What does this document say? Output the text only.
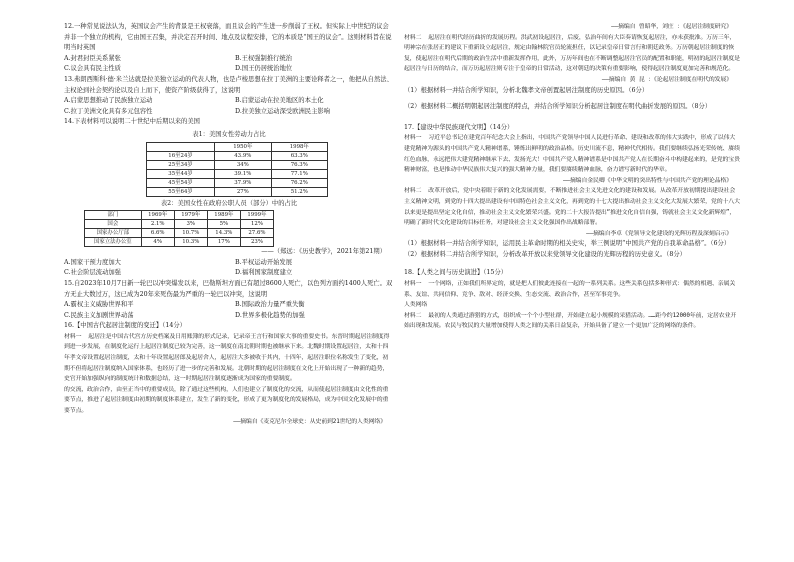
12.一种常见说法认为，英国议会产生的背景是王权衰落，而且议会的产生进一步削弱了王权。但实际上中世纪的议会并非一个独立的机构，它由国王召集，并决定召开时间、地点及议程安排，它的本质是“国王的议会”。这则材料旨在说明当时英国

A.封君封臣关系紧张	B.王权强制推行统治

C.议会具有民主性质	D.国王仍居统治地位

13.弗朗西斯科·德·米兰达就是拉美独立运动的代表人物，也是卢梭思想在拉丁美洲的主要诠释者之一，他把从自然法、主权论到社会契约论以及自上而下，使资产阶级获得了，这说明

A.启蒙思想推动了民族独立运动	B.启蒙运动在拉美地区的本土化

C.拉丁美洲文化具有多元包容性	D.拉美独立运动深受欧洲民主影响

14.下表材料可以说明二十世纪中后期以来的美国

表1：美国女性劳动力占比

	1950年	1998年
16至24岁	43.9%	63.3%
25至34岁	34%	76.3%
35至44岁	39.1%	77.1%
45至54岁	37.9%	76.2%
55至64岁	27%	51.2%

表2：美国女性在政府公职人员（部分）中的占比

部门	1969年	1979年	1989年	1999年
国会	2.1%	3%	5%	12%
国家办公厅部	6.6%	10.7%	14.3%	27.6%
国家立法办公室	4%	10.3%	17%	23%

——（郑远：《历史教学》，2021年第21期）

A.国家干预力度加大	B.平权运动开始发展

C.社会阶层流动加强	D.福利国家制度建立

15.自2023年10月7日新一轮巴以冲突爆发以来，巴勒斯坦方面已有超过8600人死亡，以色列方面约1400人死亡。双方无止大数过万，这已成为20年来死伤最为严重的一轮巴以冲突，这说明

A.霸权主义威胁世界和平	B.国际政治力量严重失衡

C.民族主义加剧世界动荡	D.世界多极化趋势的加强

16.【中国古代起居注制度的变迁】（14分）

材料一 起居注是中国古代宫方历史档案及日用账簿的形式记录，记录帝王言行和国家大事的重要史书。东晋时期起居注制度得到进一步发展，在制度化运行上起居注制度已较为完善，这一制度在南北朝时期也被继承下来。北魏时期设置起居注，太和十四年孝文帝设置起居注制度，太和十年设置起居郎及起居舍人，起居注大多被收于其内，十四年，起居注职位名称发生了变化，初期不但将起居注制度纳入国家体系，也经历了进一步的完善和发展。北朝时期的起居注制度在文化上开始出现了一种新的趋势，史官开始加强纵向的制度统计和数据总结，这一时期起居注制度逐渐成为国家的重要制度。

的交流，政治合作，由至正当中的重要成员，除了通过这些机构，人们也建立了制度化的交流，从而使起居注制度由文化性的重要节点，推进了起居注制度由初期的制度体系建立，发生了新的变化，形成了更为制度化的发展格局，成为中国文化发展中的重要节点。

——摘编自《麦克尼尔全球史：从史前到21世纪的人类网络》

——摘编自 曾昭华，刘庄 ：《起居注制度研究》

材料二 起居注在明代经历曲折的发展历程。洪武初设起居注，后废，弘治年间有大臣奏请恢复起居注，亦未获批准。万历三年，明神宗在张居正的建议下重新设立起居注，规定由翰林院官员轮流担任，以记录皇帝日常言行和朝廷政务。万历朝起居注制度的恢复，使起居注在明代后期的政治生活中重新发挥作用，此外，万历年间也在不断调整起居注官员的配置和职能，明初的起居注制度是起居注与日历的结合，而万历起居注则专注于皇帝的日常活动，这对朝廷的决策有重要影响，使得起居注制度更加完善和规范化。

——摘编自 黄 昆 ：《论起居注制度在明代的发展》

（1）根据材料一并结合所学知识，分析北魏孝文帝创置起居注制度的历史原因。（6分）

（2）根据材料二概括明朝起居注制度的特点，并结合所学知识分析起居注制度在明代曲折发展的原因。（8分）

17.【建设中华民族现代文明】（14分）

材料一 习近平总书记在建党百年纪念大会上指出，中国共产党领导中国人民进行革命、建设和改革的伟大实践中，形成了以伟大建党精神为源头的中国共产党人精神谱系，锤炼出鲜明的政治品格。历史川流不息，精神代代相传。我们要继续弘扬光荣传统、赓续红色血脉，永远把伟大建党精神继承下去、发扬光大！中国共产党人精神谱系是中国共产党人在长期奋斗中构建起来的，是党的宝贵精神财富，也是推动中华民族伟大复兴的强大精神力量，我们要赓续精神血脉，奋力谱写新时代的华章。

——摘编自金民卿《中华文明的突出特性与中国共产党的理论品格》

材料二 改革开放后，党中央着眼于新的文化发展需要，不断推进社会主义先进文化的建设和发展。从改革开放初期提出建设社会主义精神文明，到党的十四大提出建设有中国特色社会主义文化，再到党的十七大提出推动社会主义文化大发展大繁荣，党的十八大以来更是提出坚定文化自信，推动社会主义文化繁荣兴盛。党的二十大报告提出“推进文化自信自强，铸就社会主义文化新辉煌”，明确了新时代文化建设的目标任务，对建设社会主义文化强国作出战略部署。

——摘编自李卓《党领导文化建设的光辉历程及深刻启示》

（1）根据材料一并结合所学知识，运用民主革命时期的相关史实，举三例说明“中国共产党的自我革命品格”。（6分）

（2）根据材料二并结合所学知识，分析改革开放以来党领导文化建设的光辉历程的历史意义。（8分）

18.【人类之间与历史演进】（15分）

材料一 一个网络，正如我们所界定的，就是把人们彼此连接在一起的一系列关系。这些关系包括多种形式：偶然的相遇、亲属关系、友谊、共同信仰、竞争、敌对、经济交换、生态交流、政治合作，甚至军事竞争。

人类网络

材料二 最初的人类通过游猎的方式，组织成一个个小型社群，开始建立起小规模的采猎活动。……距今约12000年前，定居农业开始出现和发展。农民与牧民的大量增加使得人类之间的关系日益复杂，开始具备了建立一个更加广泛的网络的条件。
